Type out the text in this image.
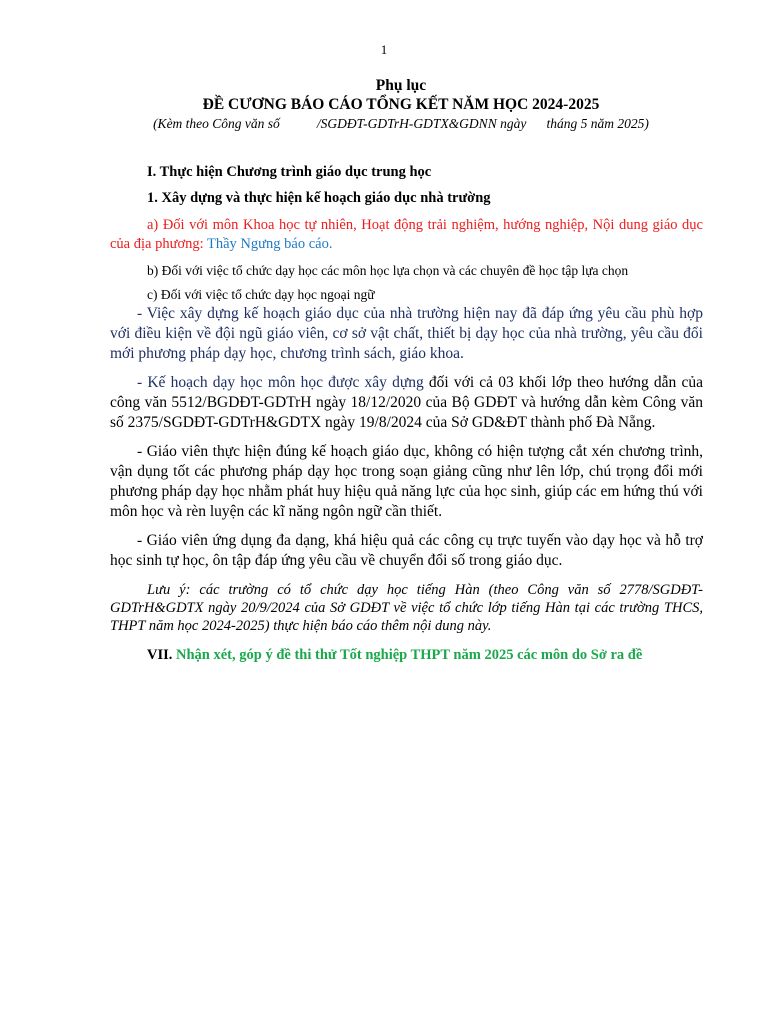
1
Phụ lục
ĐỀ CƯƠNG BÁO CÁO TỔNG KẾT NĂM HỌC 2024-2025
(Kèm theo Công văn số           /SGDĐT-GDTrH-GDTX&GDNN ngày      tháng 5 năm 2025)
I. Thực hiện Chương trình giáo dục trung học
1. Xây dựng và thực hiện kế hoạch giáo dục nhà trường
a) Đối với môn Khoa học tự nhiên, Hoạt động trải nghiệm, hướng nghiệp, Nội dung giáo dục của địa phương: Thầy Ngưng báo cáo.
b) Đối với việc tổ chức dạy học các môn học lựa chọn và các chuyên đề học tập lựa chọn
c) Đối với việc tổ chức dạy học ngoại ngữ
- Việc xây dựng kế hoạch giáo dục của nhà trường hiện nay đã đáp ứng yêu cầu phù hợp với điều kiện về đội ngũ giáo viên, cơ sở vật chất, thiết bị dạy học của nhà trường, yêu cầu đổi mới phương pháp dạy học, chương trình sách, giáo khoa.
- Kế hoạch dạy học môn học được xây dựng đối với cả 03 khối lớp theo hướng dẫn của công văn 5512/BGDĐT-GDTrH ngày 18/12/2020 của Bộ GDĐT và hướng dẫn kèm Công văn số 2375/SGDĐT-GDTrH&GDTX ngày 19/8/2024 của Sở GD&ĐT thành phố Đà Nẵng.
- Giáo viên thực hiện đúng kế hoạch giáo dục, không có hiện tượng cắt xén chương trình, vận dụng tốt các phương pháp dạy học trong soạn giảng cũng như lên lớp, chú trọng đổi mới phương pháp dạy học nhằm phát huy hiệu quả năng lực của học sinh, giúp các em hứng thú với môn học và rèn luyện các kĩ năng ngôn ngữ cần thiết.
- Giáo viên ứng dụng đa dạng, khá hiệu quả các công cụ trực tuyến vào dạy học và hỗ trợ học sinh tự học, ôn tập đáp ứng yêu cầu về chuyển đổi số trong giáo dục.
Lưu ý: các trường có tổ chức dạy học tiếng Hàn (theo Công văn số 2778/SGDĐT-GDTrH&GDTX ngày 20/9/2024 của Sở GDĐT về việc tổ chức lớp tiếng Hàn tại các trường THCS, THPT năm học 2024-2025) thực hiện báo cáo thêm nội dung này.
VII. Nhận xét, góp ý đề thi thử Tốt nghiệp THPT năm 2025 các môn do Sở ra đề
